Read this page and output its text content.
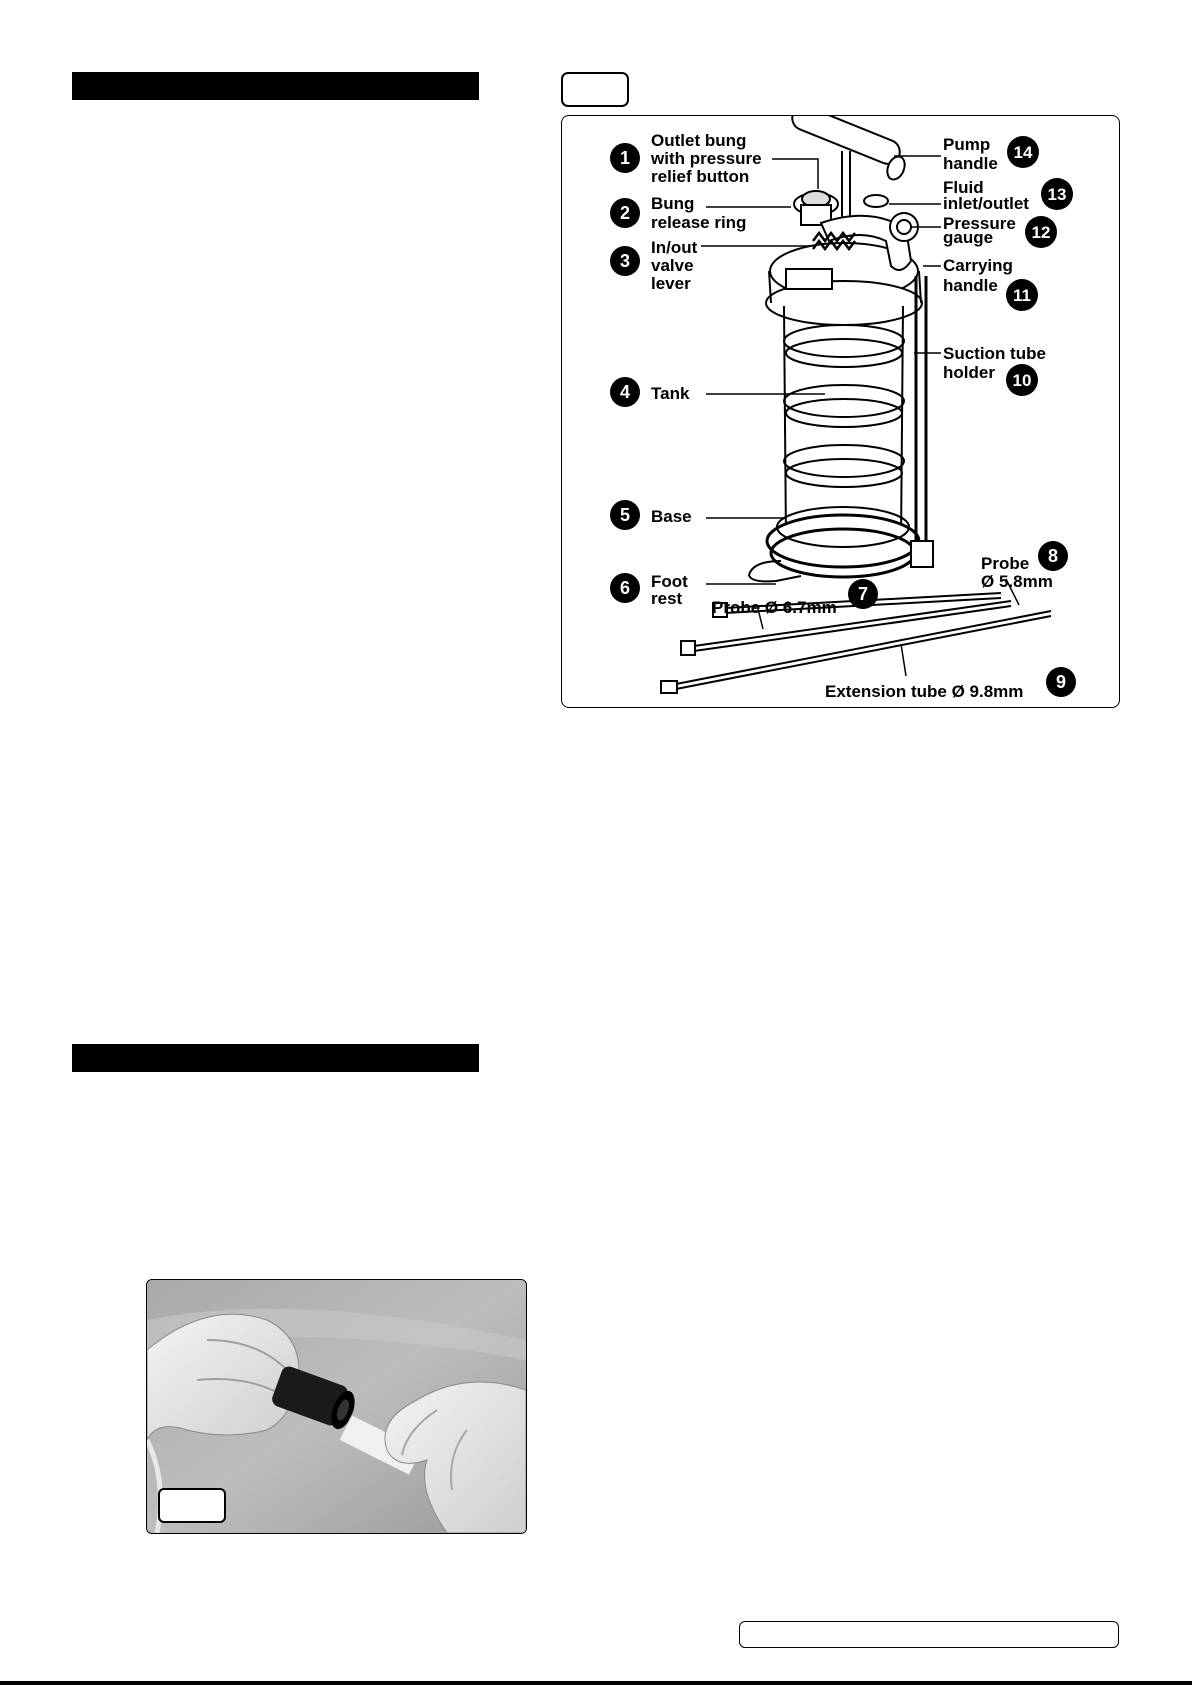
1
Outlet bung
with pressure
relief button
2 Bung
release ring
3
In/out
valve
lever
4 Tank
5 Base
6 Foot
rest	7
Probe Ø 6.7mm
8
Probe
Ø 5.8mm
9
Extension tube Ø 9.8mm
10
Suction tube
holder
11
Carrying
handle
12
Pressure
gauge
13
Fluid
inlet/outlet
14
Pump
handle
